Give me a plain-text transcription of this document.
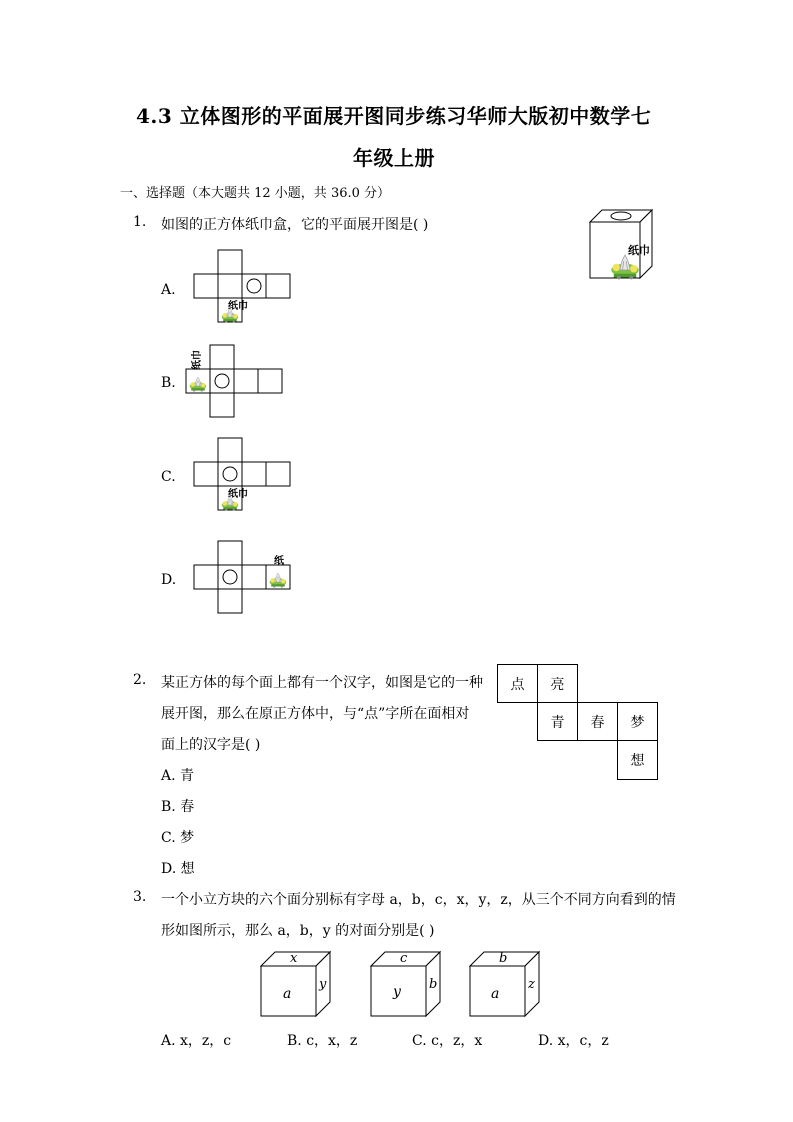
4.3 立体图形的平面展开图同步练习华师大版初中数学七
年级上册
一、选择题（本大题共 12 小题，共 36.0 分）
1. 如图的正方体纸巾盒，它的平面展开图是( )
纸巾
A.
纸巾
B.
纸巾
C.
纸巾
D.
纸
2. 某正方体的每个面上都有一个汉字，如图是它的一种
展开图，那么在原正方体中，与“点”字所在面相对
面上的汉字是( )
A. 青
B. 春
C. 梦
D. 想
点	亮
青	春	梦
想
3. 一个小立方块的六个面分别标有字母 a，b，c，x，y，z，从三个不同方向看到的情
形如图所示，那么 a，b，y 的对面分别是( )
x
a
y
c
y b
b
a
z
A. x，z，c	B. c，x，z	C. c，z，x	D. x，c，z
